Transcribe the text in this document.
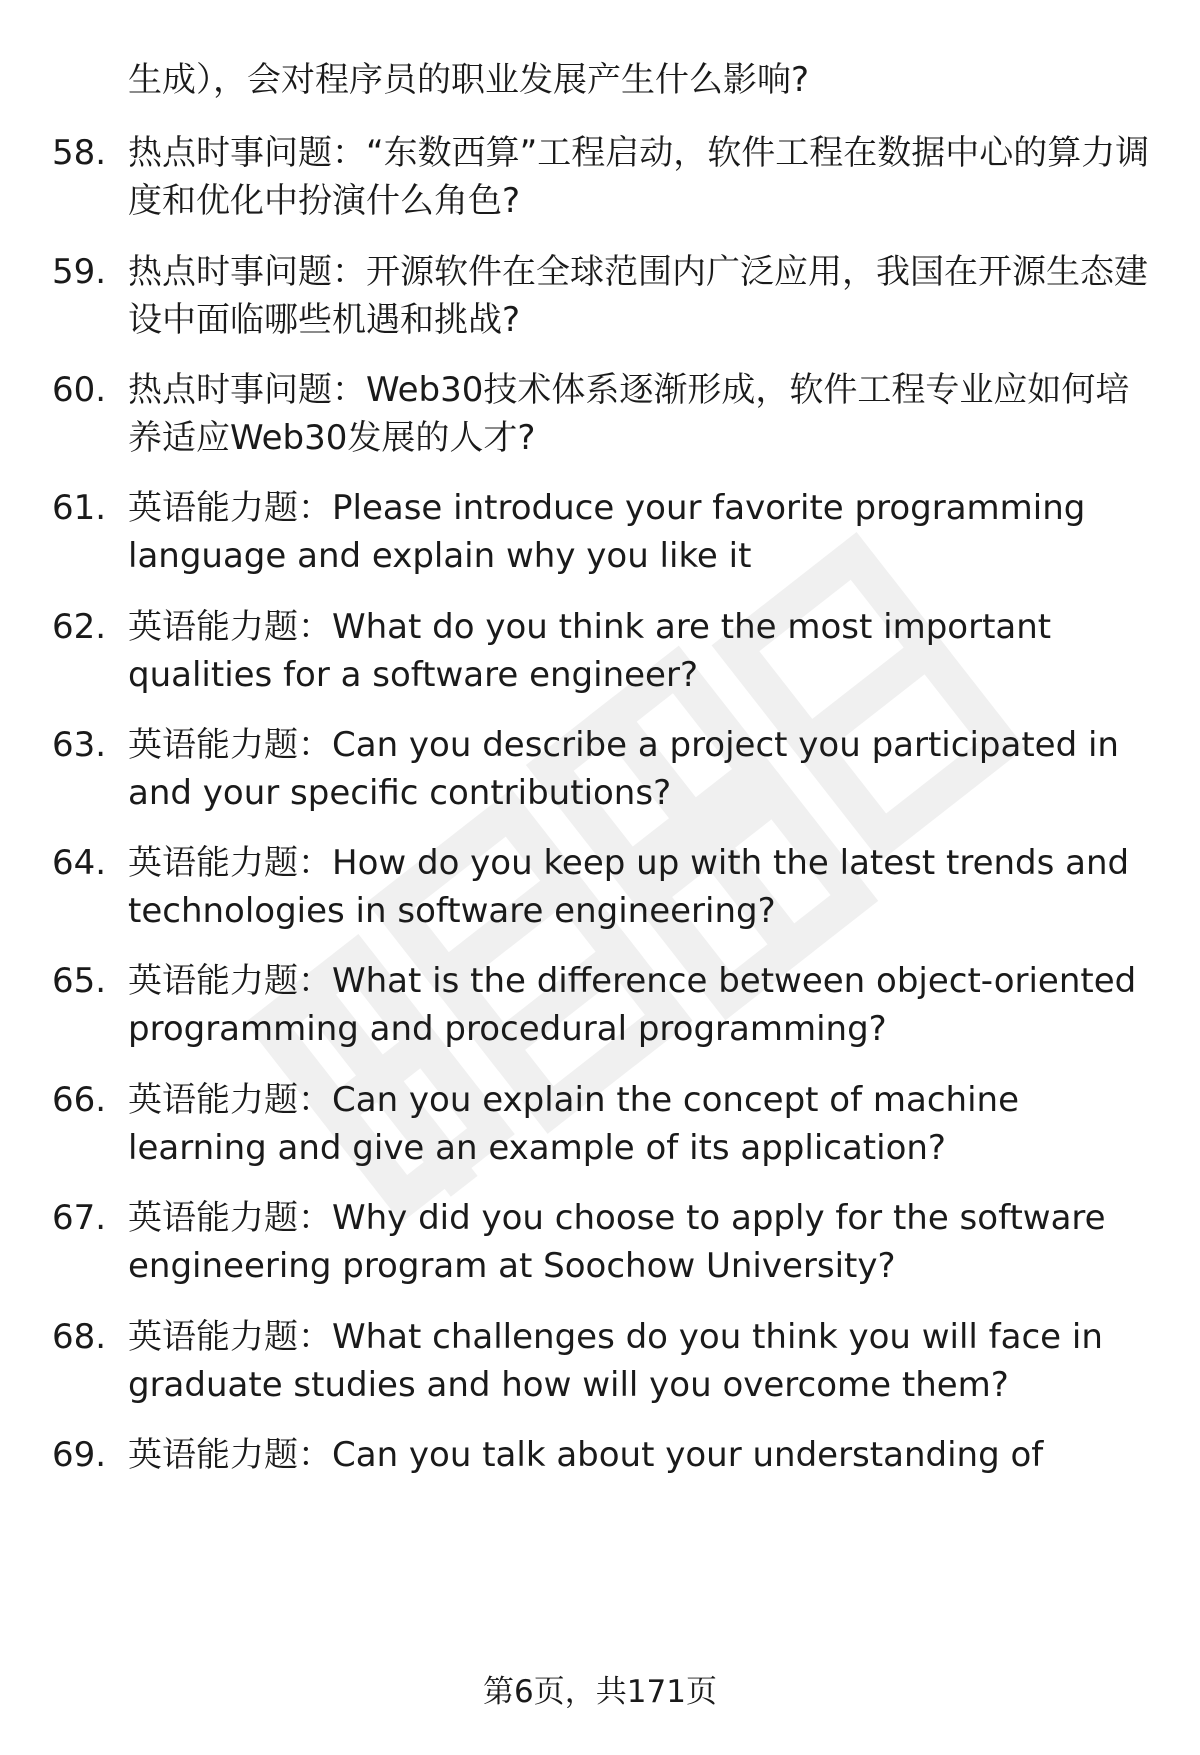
生成），会对程序员的职业发展产生什么影响?
58. 热点时事问题：“东数西算”工程启动，软件工程在数据中心的算力调度和优化中扮演什么角色?
59. 热点时事问题：开源软件在全球范围内广泛应用，我国在开源生态建设中面临哪些机遇和挑战?
60. 热点时事问题：Web30技术体系逐渐形成，软件工程专业应如何培养适应Web30发展的人才?
61. 英语能力题：Please introduce your favorite programming language and explain why you like it
62. 英语能力题：What do you think are the most important qualities for a software engineer?
63. 英语能力题：Can you describe a project you participated in and your specific contributions?
64. 英语能力题：How do you keep up with the latest trends and technologies in software engineering?
65. 英语能力题：What is the difference between object-oriented programming and procedural programming?
66. 英语能力题：Can you explain the concept of machine learning and give an example of its application?
67. 英语能力题：Why did you choose to apply for the software engineering program at Soochow University?
68. 英语能力题：What challenges do you think you will face in graduate studies and how will you overcome them?
69. 英语能力题：Can you talk about your understanding of
第6页，共171页
